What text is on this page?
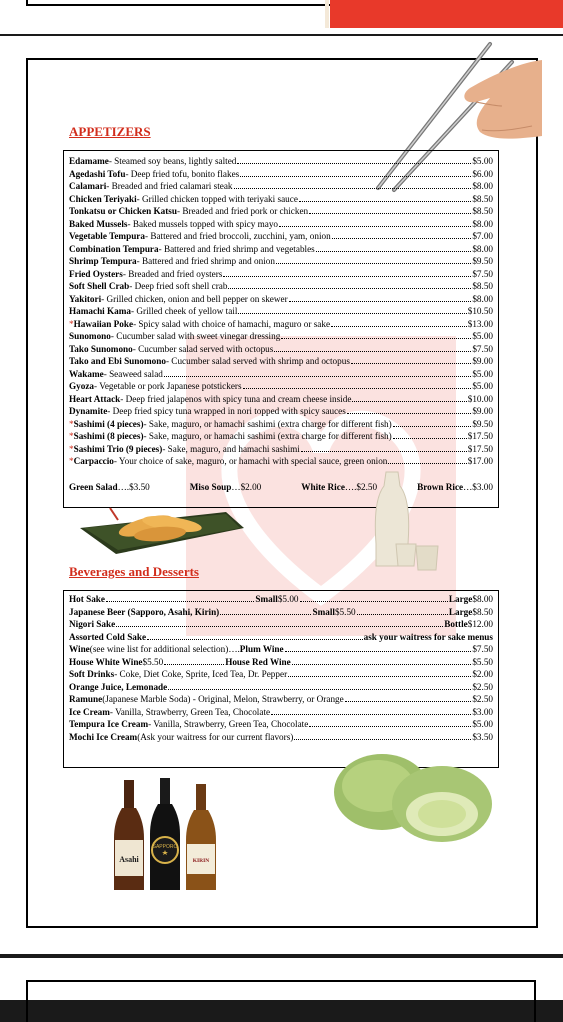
APPETIZERS
Edamame - Steamed soy beans, lightly salted	$5.00
Agedashi Tofu - Deep fried tofu, bonito flakes	$6.00
Calamari - Breaded and fried calamari steak	$8.00
Chicken Teriyaki - Grilled chicken topped with teriyaki sauce	$8.50
Tonkatsu or Chicken Katsu - Breaded and fried pork or chicken	$8.50
Baked Mussels - Baked mussels topped with spicy mayo	$8.00
Vegetable Tempura - Battered and fried broccoli, zucchini, yam, onion	$7.00
Combination Tempura - Battered and fried shrimp and vegetables	$8.00
Shrimp Tempura - Battered and fried shrimp and onion	$9.50
Fried Oysters - Breaded and fried oysters	$7.50
Soft Shell Crab - Deep fried soft shell crab	$8.50
Yakitori - Grilled chicken, onion and bell pepper on skewer	$8.00
Hamachi Kama - Grilled cheek of yellow tail	$10.50
* Hawaiian Poke - Spicy salad with choice of hamachi, maguro or sake	$13.00
Sunomono - Cucumber salad with sweet vinegar dressing	$5.00
Tako Sunomono - Cucumber salad served with octopus	$7.50
Tako and Ebi Sunomono - Cucumber salad served with shrimp and octopus	$9.00
Wakame - Seaweed salad	$5.00
Gyoza - Vegetable or pork Japanese potstickers	$5.00
Heart Attack - Deep fried jalapenos with spicy tuna and cream cheese inside	$10.00
Dynamite - Deep fried spicy tuna wrapped in nori topped with spicy sauces	$9.00
* Sashimi (4 pieces) - Sake, maguro, or hamachi sashimi (extra charge for different fish)	$9.50
* Sashimi (8 pieces) - Sake, maguro, or hamachi sashimi (extra charge for different fish)	$17.50
* Sashimi Trio (9 pieces) - Sake, maguro, and hamachi sashimi	$17.50
* Carpaccio - Your choice of sake, maguro, or hamachi with special sauce, green onion	$17.00
Green Salad….$3.50	Miso Soup…$2.00	White Rice….$2.50	Brown Rice…$3.00
Beverages and Desserts
Hot Sake	Small $5.00	Large $8.00
Japanese Beer (Sapporo, Asahi, Kirin)	Small $5.50	Large $8.50
Nigori Sake	Bottle $12.00
Assorted Cold Sake	ask your waitress for sake menus
Wine (see wine list for additional selection) …. Plum Wine	$7.50
House White Wine $5.50	House Red Wine	$5.50
Soft Drinks - Coke, Diet Coke, Sprite, Iced Tea, Dr. Pepper	$2.00
Orange Juice, Lemonade	$2.50
Ramune (Japanese Marble Soda) - Original, Melon, Strawberry, or Orange	$2.50
Ice Cream - Vanilla, Strawberry, Green Tea, Chocolate	$3.00
Tempura Ice Cream - Vanilla, Strawberry, Green Tea, Chocolate	$5.00
Mochi Ice Cream (Ask your waitress for our current flavors)	$3.50
Asahi
SAPPORO
KIRIN
